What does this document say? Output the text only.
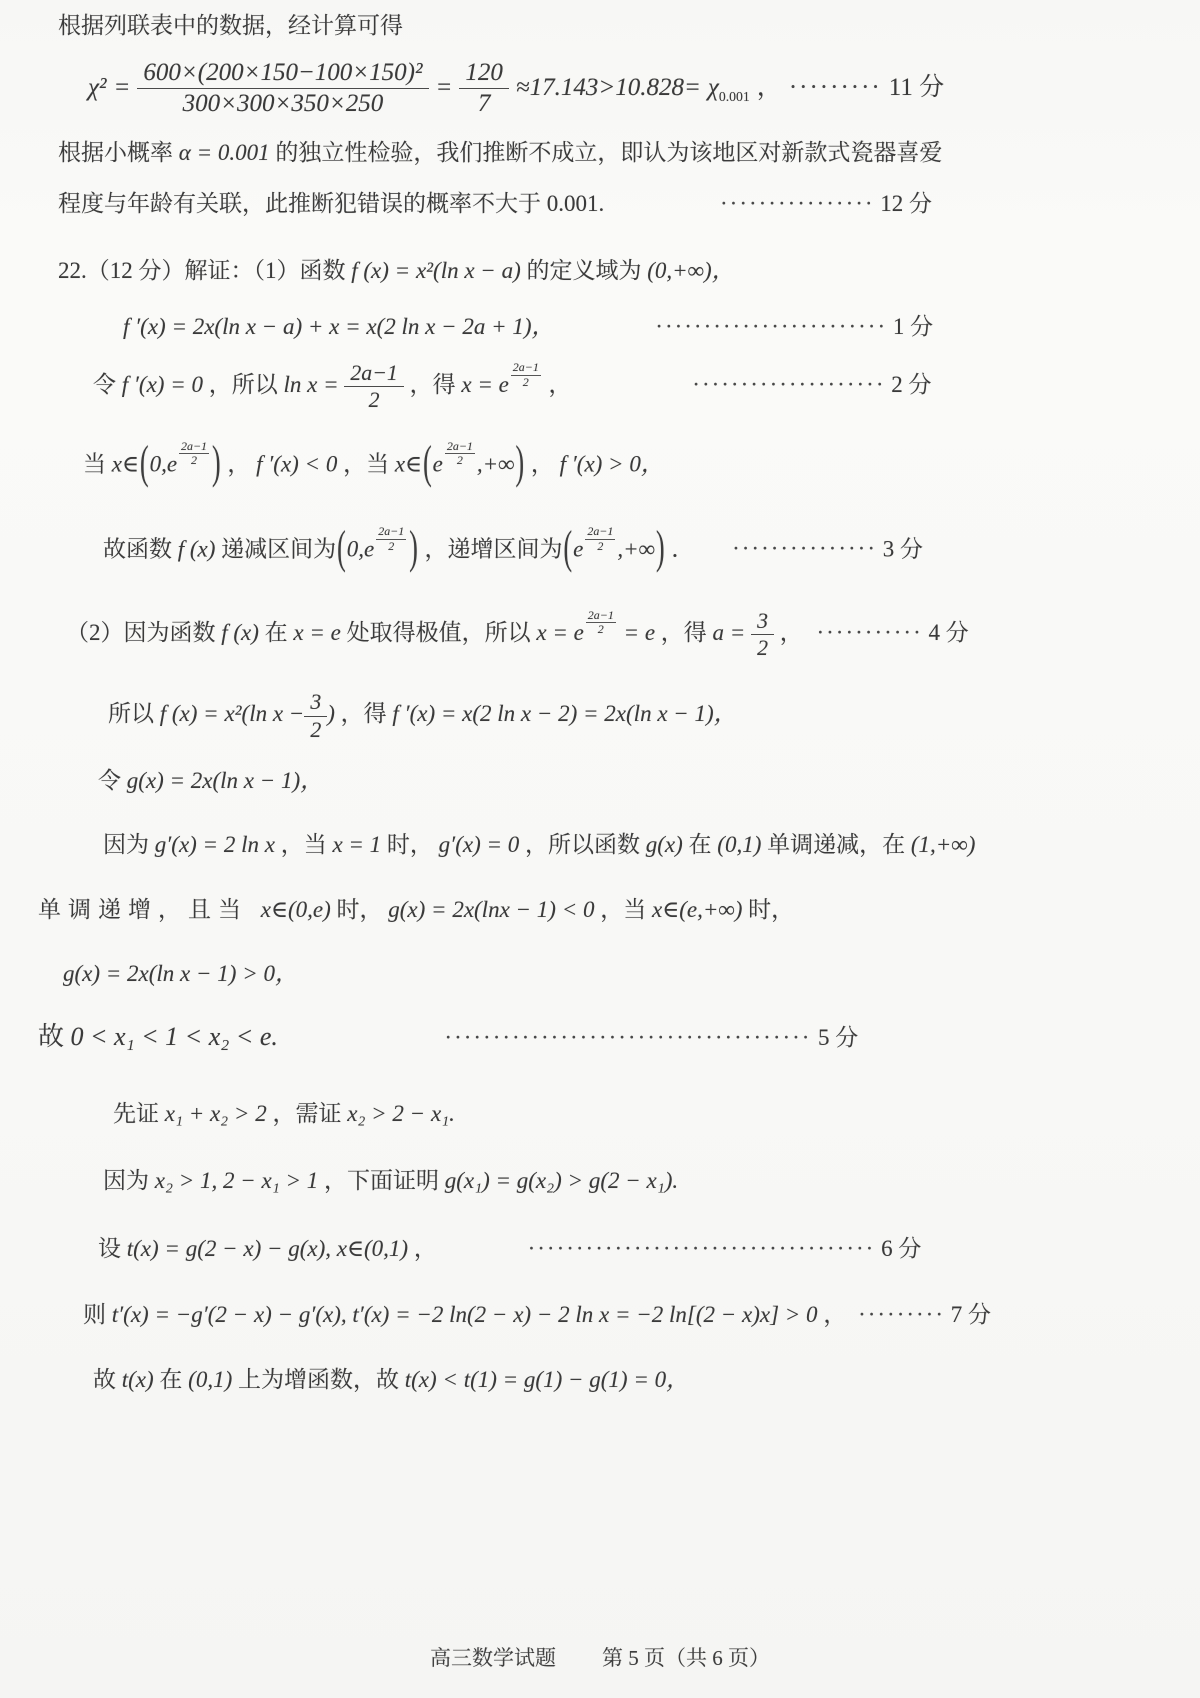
根据列联表中的数据，经计算可得
$\chi^2 = \frac{\text{600×(200×150−100×150)²}}{300\times 300\times 350\times 250} = \frac{120}{7} \approx 17.143>10.828= \chi_{0.001}$ ， ········· 11 分
根据小概率 α = 0.001 的独立性检验，我们推断不成立，即认为该地区对新款式瓷器喜爱
程度与年龄有关联，此推断犯错误的概率不大于 0.001.	················ 12 分
22.（12 分）解证：（1）函数 f (x) = x²(ln x − a) 的定义域为 (0,+∞)，
f ′(x) = 2x(ln x − a) + x = x(2 ln x − 2a + 1)，	························ 1 分
令 f ′(x) = 0 ，所以 $\ln x = \frac{2a-1}{2}$ ，得 x = e $\frac{2a-1}{2}$ ，	···················· 2 分
当 x∈(0,e $\frac{2a-1}{2}$ ) ， f ′(x) < 0 ，当 x∈(e $\frac{2a-1}{2}$ ,+∞) ， f ′(x) > 0，
故函数 f (x) 递减区间为($0,e \frac{2a-1}{2}$ ) ，递增区间为($e \frac{2a-1}{2}$ ,+∞) ． ··············· 3 分
（2）因为函数 f (x) 在 x = e 处取得极值，所以 x = e $\frac{2a-1}{2} = e$ ，得 $a = \frac{3}{2}$ ， ··········· 4 分
所以 f (x) = x²(ln $x - \frac{3}{2}$ ) ，得 f ′(x) = x(2 ln x − 2) = 2x(ln x − 1)，
令 g(x) = 2x(ln x − 1)，
因为 g′(x) = 2 ln x ，当 x = 1 时， g′(x) = 0 ，所以函数 g(x) 在 (0,1) 单调递减，在 (1,+∞)
单调递增，且当 x∈(0,e) 时， g(x) = 2x(lnx − 1) < 0 ，当 x∈(e,+∞) 时，
g(x) = 2x(ln x − 1) > 0，
故 0 < x₁ < 1 < x₂ < e.	······································ 5 分
先证 x₁ + x₂ > 2 ，需证 x₂ > 2 − x₁.
因为 x₂ > 1, 2 − x₁ > 1 ，下面证明 g(x₁) = g(x₂) > g(2 − x₁).
设 t(x) = g(2 − x) − g(x), x∈(0,1) ，	···································· 6 分
则 t′(x) = −g′(2 − x) − g′(x), t′(x) = −2 ln(2 − x) − 2 ln x = −2 ln[(2 − x)x] > 0 ， ········· 7 分
故 t(x) 在 (0,1) 上为增函数，故 t(x) < t(1) = g(1) − g(1) = 0，
高三数学试题 第 5 页（共 6 页）
